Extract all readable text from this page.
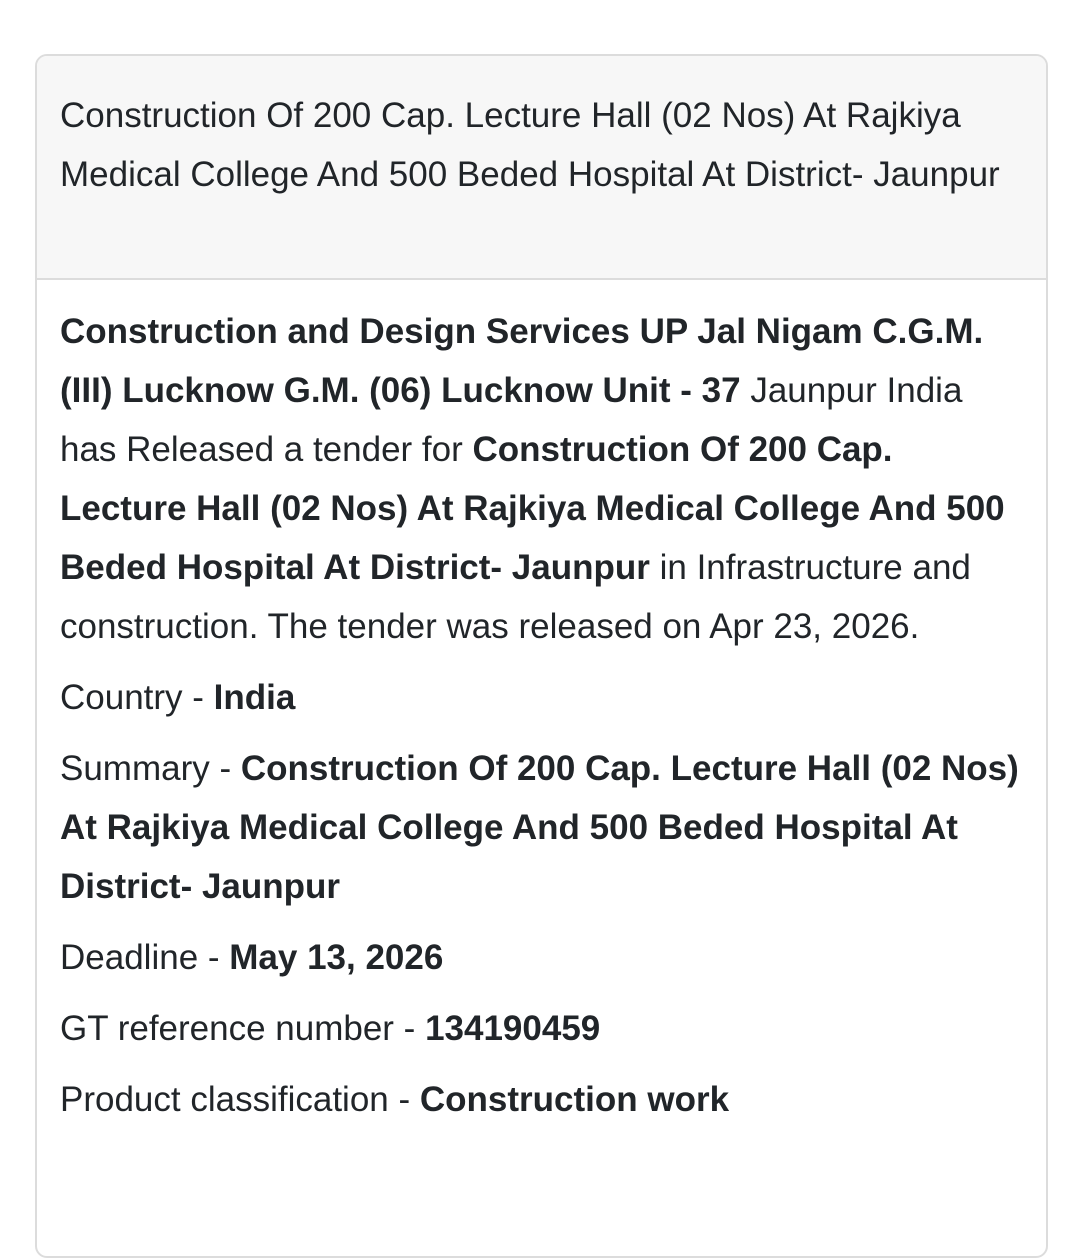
Construction Of 200 Cap. Lecture Hall (02 Nos) At Rajkiya Medical College And 500 Beded Hospital At District- Jaunpur

Construction and Design Services UP Jal Nigam C.G.M. (III) Lucknow G.M. (06) Lucknow Unit - 37 Jaunpur India has Released a tender for Construction Of 200 Cap. Lecture Hall (02 Nos) At Rajkiya Medical College And 500 Beded Hospital At District- Jaunpur in Infrastructure and construction. The tender was released on Apr 23, 2026.

Country - India

Summary - Construction Of 200 Cap. Lecture Hall (02 Nos) At Rajkiya Medical College And 500 Beded Hospital At District- Jaunpur

Deadline - May 13, 2026

GT reference number - 134190459

Product classification - Construction work
